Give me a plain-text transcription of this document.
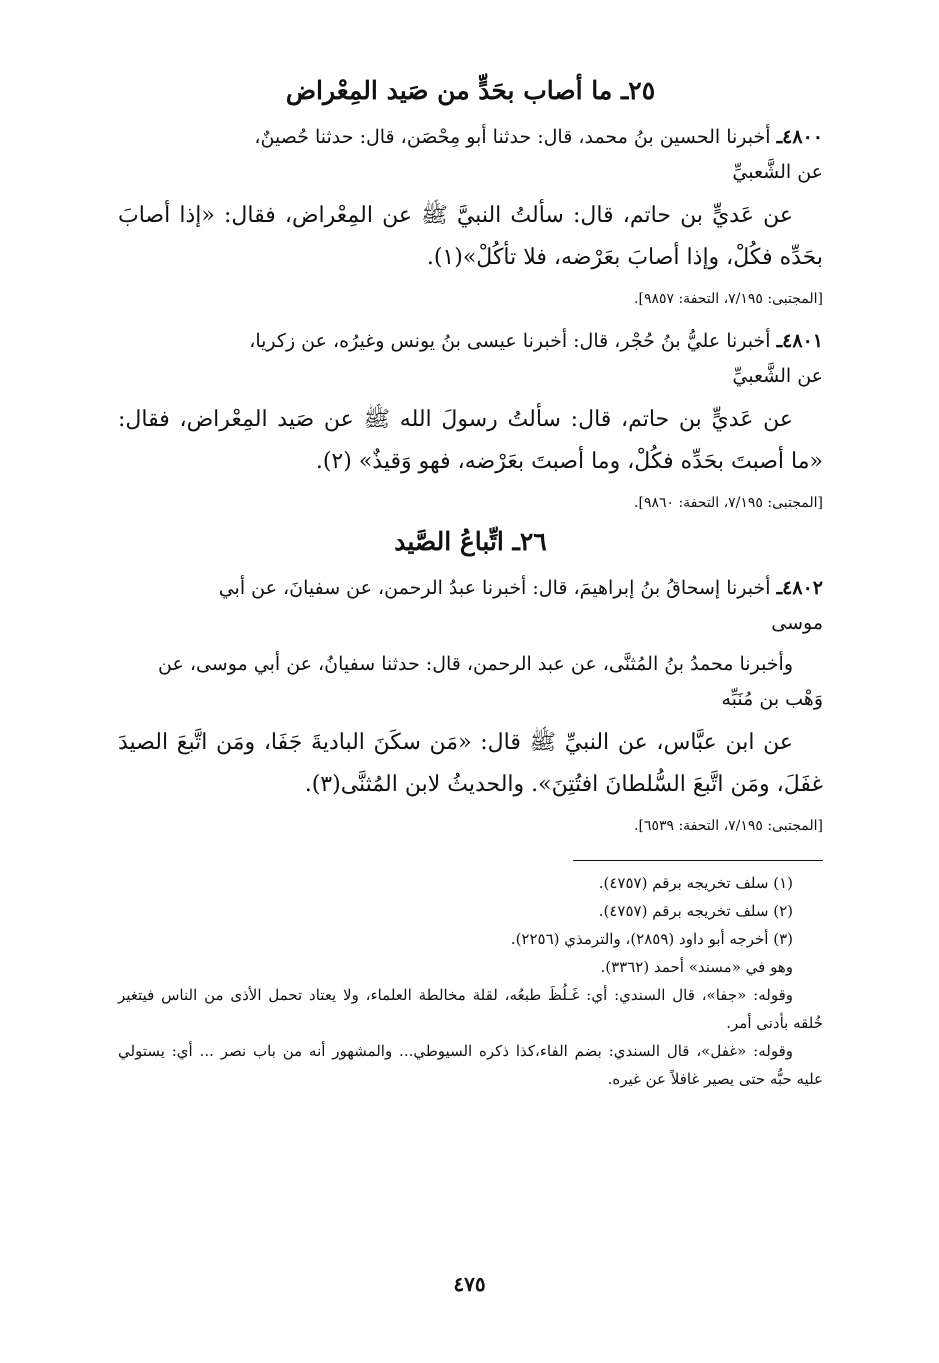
٢٥ـ ما أصاب بحَدٍّ من صَيد المِعْراض

٤٨٠٠ـ أخبرنا الحسين بنُ محمد، قال: حدثنا أبو مِحْصَن، قال: حدثنا حُصينٌ،

عن الشَّعبيِّ

عن عَديٍّ بن حاتم، قال: سألتُ النبيَّ ﷺ عن المِعْراض، فقال: «إذا أصابَ بحَدِّه فكُلْ، وإذا أصابَ بعَرْضه، فلا تأكُلْ»(١).

[المجتبى: ٧/١٩٥، التحفة: ٩٨٥٧].

٤٨٠١ـ أخبرنا عليُّ بنُ حُجْر، قال: أخبرنا عيسى بنُ يونس وغيرُه، عن زكريا،

عن الشَّعبيِّ

عن عَديٍّ بن حاتم، قال: سألتُ رسولَ الله ﷺ عن صَيد المِعْراض، فقال: «ما أصبتَ بحَدِّه فكُلْ، وما أصبتَ بعَرْضه، فهو وَقيذٌ» (٢).

[المجتبى: ٧/١٩٥، التحفة: ٩٨٦٠].

٢٦ـ اتِّباعُ الصَّيد

٤٨٠٢ـ أخبرنا إسحاقُ بنُ إبراهيمَ، قال: أخبرنا عبدُ الرحمن، عن سفيانَ، عن أبي

موسى

وأخبرنا محمدُ بنُ المُثنَّى، عن عبد الرحمن، قال: حدثنا سفيانُ، عن أبي موسى، عن

وَهْب بن مُنَبِّه

عن ابن عبَّاس، عن النبيِّ ﷺ قال: «مَن سكَنَ الباديةَ جَفَا، ومَن اتَّبعَ الصيدَ غفَلَ، ومَن اتَّبعَ السُّلطانَ افتُتِنَ». والحديثُ لابن المُثنَّى(٣).

[المجتبى: ٧/١٩٥، التحفة: ٦٥٣٩].

(١) سلف تخريجه برقم (٤٧٥٧).

(٢) سلف تخريجه برقم (٤٧٥٧).

(٣) أخرجه أبو داود (٢٨٥٩)، والترمذي (٢٢٥٦).

وهو في «مسند» أحمد (٣٣٦٢).

وقوله: «جفا»، قال السندي: أي: غَـلُظَ طبعُه، لقلة مخالطة العلماء، ولا يعتاد تحمل الأذى من الناس فيتغير خُلقه بأدنى أمر.

وقوله: «غفل»، قال السندي: بضم الفاء،كذا ذكره السيوطي... والمشهور أنه من باب نصر ... أي: يستولي عليه حبُّه حتى يصير غافلاً عن غيره.

٤٧٥
